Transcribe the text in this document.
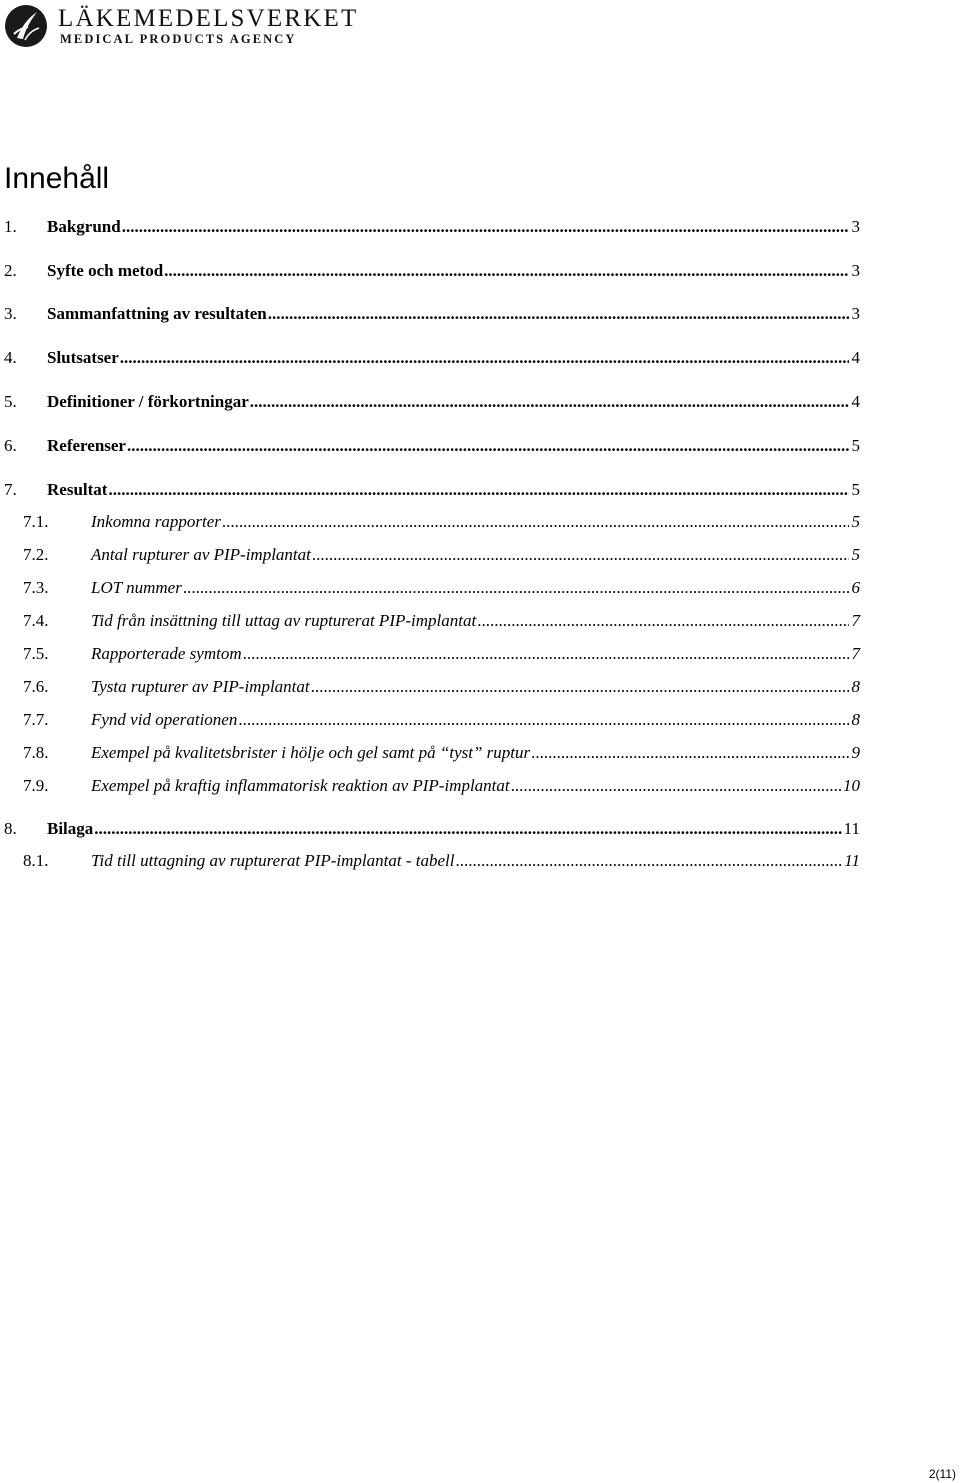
LÄKEMEDELSVERKET
MEDICAL PRODUCTS AGENCY
Innehåll
1. Bakgrund .....	3
2. Syfte och metod .....	3
3. Sammanfattning av resultaten .....	3
4. Slutsatser .....	4
5. Definitioner / förkortningar .....	4
6. Referenser .....	5
7. Resultat .....	5
7.1.	Inkomna rapporter .....	5
7.2.	Antal rupturer av PIP-implantat .....	5
7.3.	LOT nummer .....	6
7.4.	Tid från insättning till uttag av rupturerat PIP-implantat .....	7
7.5.	Rapporterade symtom .....	7
7.6.	Tysta rupturer av PIP-implantat .....	8
7.7.	Fynd vid operationen .....	8
7.8.	Exempel på kvalitetsbrister i hölje och gel samt på “tyst” ruptur .....	9
7.9.	Exempel på kraftig inflammatorisk reaktion av PIP-implantat .....	10
8. Bilaga .....	11
8.1.	Tid till uttagning av rupturerat PIP-implantat - tabell .....	11
2(11)
